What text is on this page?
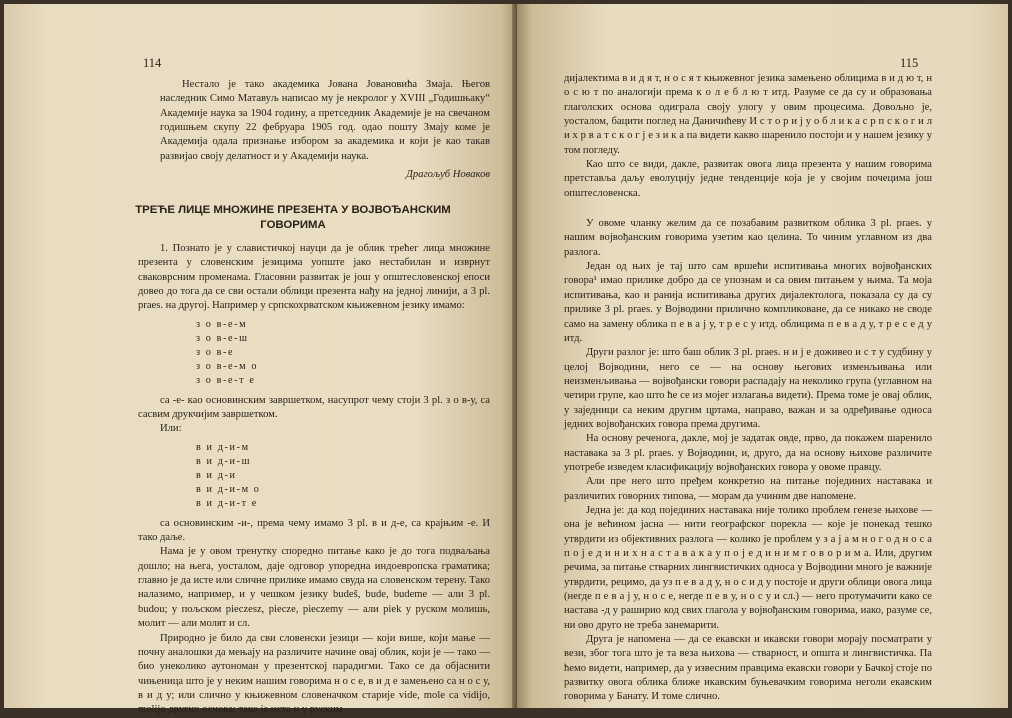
114

Нестало је тако академика Јована Јовановића Змаја. Његов наследник Симо Матавуљ написао му је некролог у XVIII „Годишњаку“ Академије наука за 1904 годину, а претседник Академије је на свечаном годишњем скупу 22 фебруара 1905 год. одао пошту Змају коме је Академија одала признање избором за академика и који је као такав развијао своју делатност и у Академији наука.

Драгољуб Новаков

ТРЕЋЕ ЛИЦЕ МНОЖИНЕ ПРЕЗЕНТА У ВОЈВОЂАНСКИМ ГОВОРИМА

1. Познато је у славистичкој науци да је облик трећег лица множине презента у словенским језицима уопште јако нестабилан и изврнут сваковрсним променама. Гласовни развитак је још у општесловенској епоси довео до тога да се сви остали облици презента нађу на једној линији, а 3 pl. praes. на другој. Например у српскохрватском књижевном језику имамо:

з о в-е-м
з о в-е-ш
з о в-е
з о в-е-м о
з о в-е-т е

са -е- као основинским завршетком, насупрот чему стоји 3 pl. з о в-у, са сасвим друкчијим завршетком.

Или:

в и д-и-м
в и д-и-ш
в и д-и
в и д-и-м о
в и д-и-т е

са основинским -и-, према чему имамо 3 pl. в и д-е, са крајњим -е. И тако даље.

Нама је у овом тренутку споредно питање како је до тога подваљања дошло; на њега, уосталом, даје одговор упоредна индоевропска граматика; главно је да исте или сличне прилике имамо свуда на словенском терену. Тако налазимо, например, и у чешком језику budeš, bude, budeme — али 3 pl. budou; у пољском pieczesz, piecze, pieczemy — али piek у руском молишь, молит — али молят и сл.

Природно је било да сви словенски језици — који више, који мање — почну аналошки да мењају на различите начине овај облик, који је — тако — био унеколико аутономан у презентској парадигми. Тако се да објаснити чињеница што је у неким нашим говорима н о с е, в и д е замењено са н о с у, в и д у; или слично у књижевном словеначком старије vide, mole са vidijo, molijo других основа; тако је исто и у руским

115

дијалектима в и д я т, н о с я т књижевног језика замењено облицима в и д ю т, н о с ю т по аналогији према к о л е б л ю т итд. Разуме се да су и образовања глаголских основа одиграла своју улогу у овим процесима. Довољно је, уосталом, бацити поглед на Даничићеву И с т о р и ј у о б л и к а с р п с к о г и л и х р в а т с к о г ј е з и к а па видети какво шаренило постоји и у нашем језику у том погледу.

Као што се види, дакле, развитак овога лица презента у нашим говорима претставља даљу еволуцију једне тенденције која је у својим почецима још општесловенска.

У овоме чланку желим да се позабавим развитком облика 3 pl. praes. у нашим војвођанским говорима узетим као целина. То чиним углавном из два разлога.

Један од њих је тај што сам вршећи испитивања многих војвођанских говора¹ имао прилике добро да се упознам и са овим питањем у њима. Та моја испитивања, као и ранија испитивања других дијалектолога, показала су да су прилике 3 pl. praes. у Војводини прилично компликоване, да се никако не своде само на замену облика п е в а ј у, т р е с у итд. облицима п е в а д у, т р е с е д у итд.

Други разлог је: што баш облик 3 pl. praes. н и ј е доживео и с т у судбину у целој Војводини, него се — на основу његових изменљивања или неизменљивања — војвођански говори распадају на неколико група (углавном на четири групе, као што ће се из мојег излагања видети). Према томе је овај облик, у заједници са неким другим цртама, направо, важан и за одређивање односа једних војвођанских говора према другима.

На основу реченога, дакле, мој је задатак овде, прво, да покажем шаренило наставака за 3 pl. praes. у Војводини, и, друго, да на основу њихове различите употребе изведем класификацију војвођанских говора у овоме правцу.

Али пре него што пређем конкретно на питање појединих наставака и различитих говорних типова, — морам да учиним две напомене.

Једна је: да код појединих наставака није толико проблем генезе њихове — она је већином јасна — нити географског порекла — које је понекад тешко утврдити из објективних разлога — колико је проблем у з а ј а м н о г о д н о с а п о ј е д и н и х н а с т а в а к а у п о ј е д и н и м г о в о р и м а. Или, другим речима, за питање стварних лингвистичких односа у Војводини много је важније утврдити, рецимо, да уз п е в а д у, н о с и д у постоје и други облици овога лица (негде п е в а ј у, н о с е, негде п е в у, н о с у и сл.) — него протумачити како се настава -д у раширио код свих глагола у војвођанским говорима, иако, разуме се, ни ово друго не треба занемарити.

Друга је напомена — да се екавски и икавски говори морају посматрати у вези, због тога што је та веза њихова — стварност, и општа и лингвистичка. Па ћемо видети, например, да у извесним правцима екавски говори у Бачкој стоје по развитку овога облика ближе икавским буњевачким говорима неголи екавским говорима у Банату. И томе слично.
